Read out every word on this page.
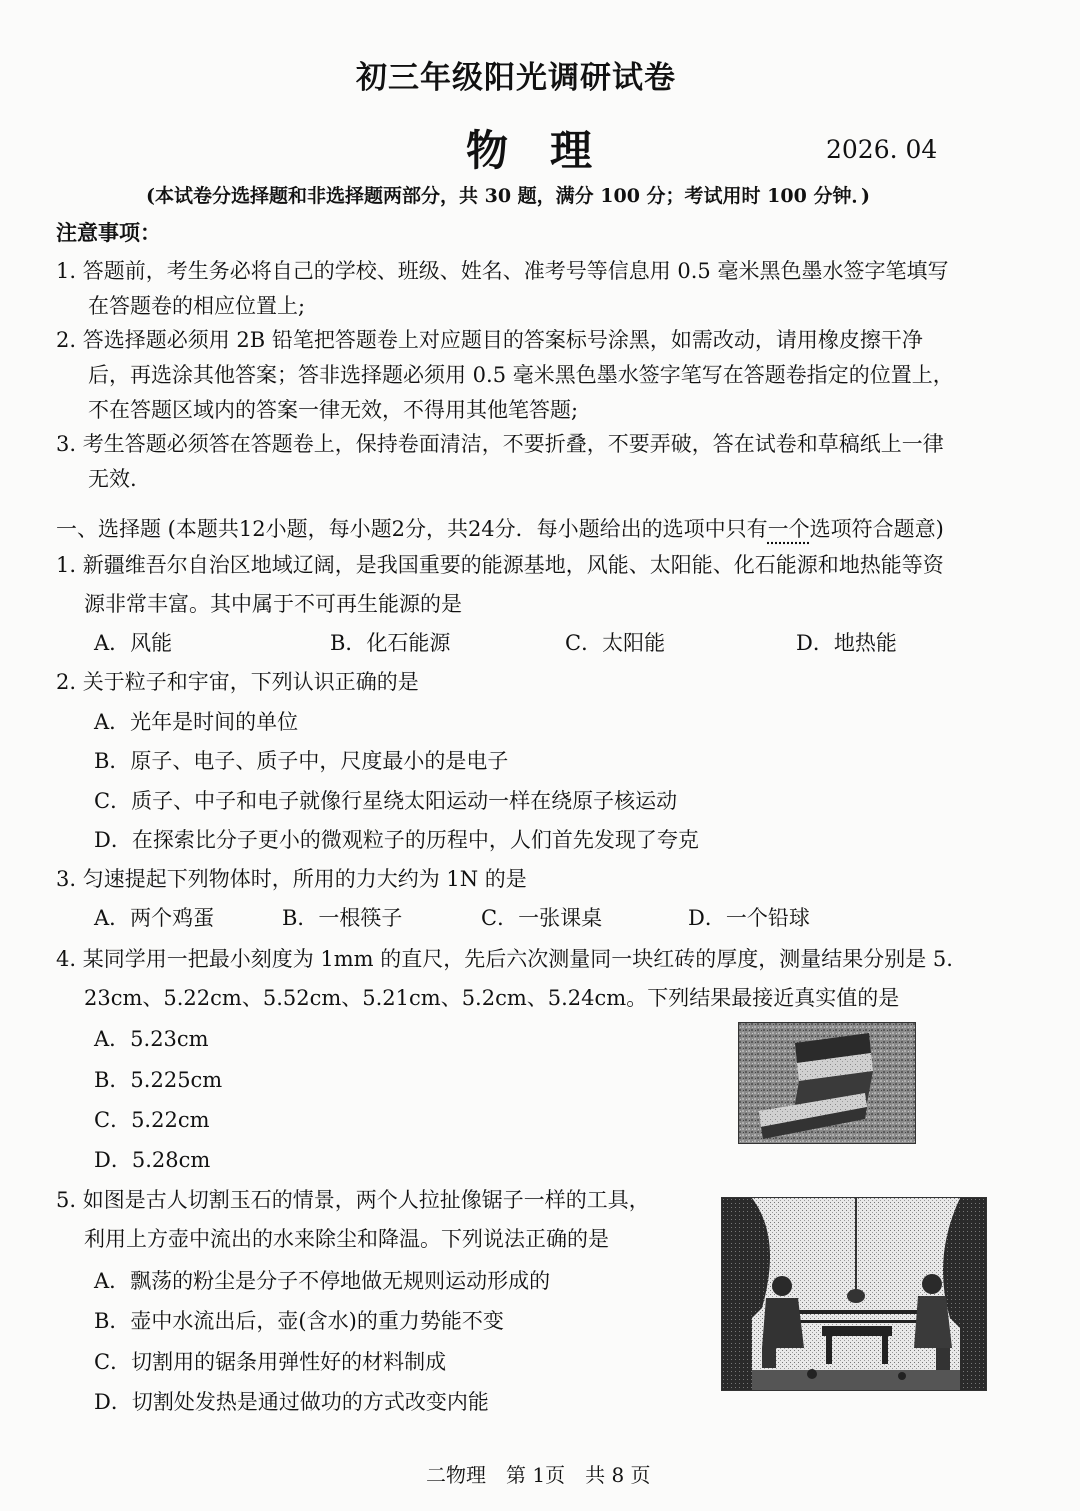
初三年级阳光调研试卷
物　理	2026. 04
(本试卷分选择题和非选择题两部分，共 30 题，满分 100 分；考试用时 100 分钟．)
注意事项：
1. 答题前，考生务必将自己的学校、班级、姓名、准考号等信息用 0.5 毫米黑色墨水签字笔填写
在答题卷的相应位置上;
2. 答选择题必须用 2B 铅笔把答题卷上对应题目的答案标号涂黑，如需改动，请用橡皮擦干净
后，再选涂其他答案；答非选择题必须用 0.5 毫米黑色墨水签字笔写在答题卷指定的位置上，
不在答题区域内的答案一律无效，不得用其他笔答题;
3. 考生答题必须答在答题卷上，保持卷面清洁，不要折叠，不要弄破，答在试卷和草稿纸上一律
无效.
一、选择题 (本题共12小题，每小题2分，共24分．每小题给出的选项中只有一个选项符合题意)
1. 新疆维吾尔自治区地域辽阔，是我国重要的能源基地，风能、太阳能、化石能源和地热能等资
源非常丰富。其中属于不可再生能源的是
A．风能	B．化石能源	C．太阳能	D．地热能
2. 关于粒子和宇宙，下列认识正确的是
A．光年是时间的单位
B．原子、电子、质子中，尺度最小的是电子
C．质子、中子和电子就像行星绕太阳运动一样在绕原子核运动
D．在探索比分子更小的微观粒子的历程中，人们首先发现了夸克
3. 匀速提起下列物体时，所用的力大约为 1N 的是
A．两个鸡蛋	B．一根筷子	C．一张课桌	D．一个铅球
4. 某同学用一把最小刻度为 1mm 的直尺，先后六次测量同一块红砖的厚度，测量结果分别是 5.
23cm、5.22cm、5.52cm、5.21cm、5.2cm、5.24cm。下列结果最接近真实值的是
A．5.23cm
B．5.225cm
C．5.22cm
D．5.28cm
5. 如图是古人切割玉石的情景，两个人拉扯像锯子一样的工具，
利用上方壶中流出的水来除尘和降温。下列说法正确的是
A．飘荡的粉尘是分子不停地做无规则运动形成的
B．壶中水流出后，壶(含水)的重力势能不变
C．切割用的锯条用弹性好的材料制成
D．切割处发热是通过做功的方式改变内能
二物理　第 1页　共 8 页
